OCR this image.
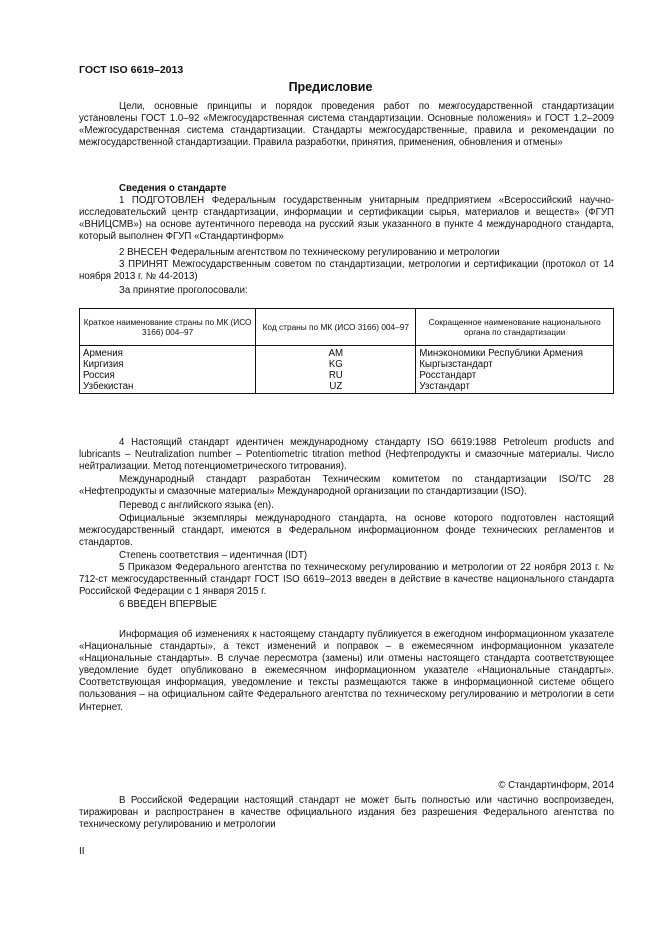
ГОСТ ISO 6619–2013
Предисловие
Цели, основные принципы и порядок проведения работ по межгосударственной стандартизации установлены ГОСТ 1.0–92 «Межгосударственная система стандартизации. Основные положения» и ГОСТ 1.2–2009 «Межгосударственная система стандартизации. Стандарты межгосударственные, правила и рекомендации по межгосударственной стандартизации. Правила разработки, принятия, применения, обновления и отмены»
Сведения о стандарте
1 ПОДГОТОВЛЕН Федеральным государственным унитарным предприятием «Всероссийский научно-исследовательский центр стандартизации, информации и сертификации сырья, материалов и веществ» (ФГУП «ВНИЦСМВ») на основе аутентичного перевода на русский язык указанного в пункте 4 международного стандарта, который выполнен ФГУП «Стандартинформ»
2 ВНЕСЕН Федеральным агентством по техническому регулированию и метрологии
3 ПРИНЯТ Межгосударственным советом по стандартизации, метрологии и сертификации (протокол от 14 ноября 2013 г. № 44-2013)
За принятие проголосовали:
Краткое наименование страны по МК (ИСО 3166) 004–97	Код страны по МК (ИСО 3166) 004–97	Сокращенное наименование национального органа по стандартизации
Армения	AM	Минэкономики Республики Армения
Киргизия	KG	Кыргызстандарт
Россия	RU	Росстандарт
Узбекистан	UZ	Узстандарт
4 Настоящий стандарт идентичен международному стандарту ISO 6619:1988 Petroleum products and lubricants – Neutralization number – Potentiometric titration method (Нефтепродукты и смазочные материалы. Число нейтрализации. Метод потенциометрического титрования).
Международный стандарт разработан Техническим комитетом по стандартизации ISO/TC 28 «Нефтепродукты и смазочные материалы» Международной организации по стандартизации (ISO).
Перевод с английского языка (en).
Официальные экземпляры международного стандарта, на основе которого подготовлен настоящий межгосударственный стандарт, имеются в Федеральном информационном фонде технических регламентов и стандартов.
Степень соответствия – идентичная (IDT)
5 Приказом Федерального агентства по техническому регулированию и метрологии от 22 ноября 2013 г. № 712-ст межгосударственный стандарт ГОСТ ISO 6619–2013 введен в действие в качестве национального стандарта Российской Федерации с 1 января 2015 г.
6 ВВЕДЕН ВПЕРВЫЕ
Информация об изменениях к настоящему стандарту публикуется в ежегодном информационном указателе «Национальные стандарты», а текст изменений и поправок – в ежемесячном информационном указателе «Национальные стандарты». В случае пересмотра (замены) или отмены настоящего стандарта соответствующее уведомление будет опубликовано в ежемесячном информационном указателе «Национальные стандарты». Соответствующая информация, уведомление и тексты размещаются также в информационной системе общего пользования – на официальном сайте Федерального агентства по техническому регулированию и метрологии в сети Интернет.
© Стандартинформ, 2014
В Российской Федерации настоящий стандарт не может быть полностью или частично воспроизведен, тиражирован и распространен в качестве официального издания без разрешения Федерального агентства по техническому регулированию и метрологии
II
